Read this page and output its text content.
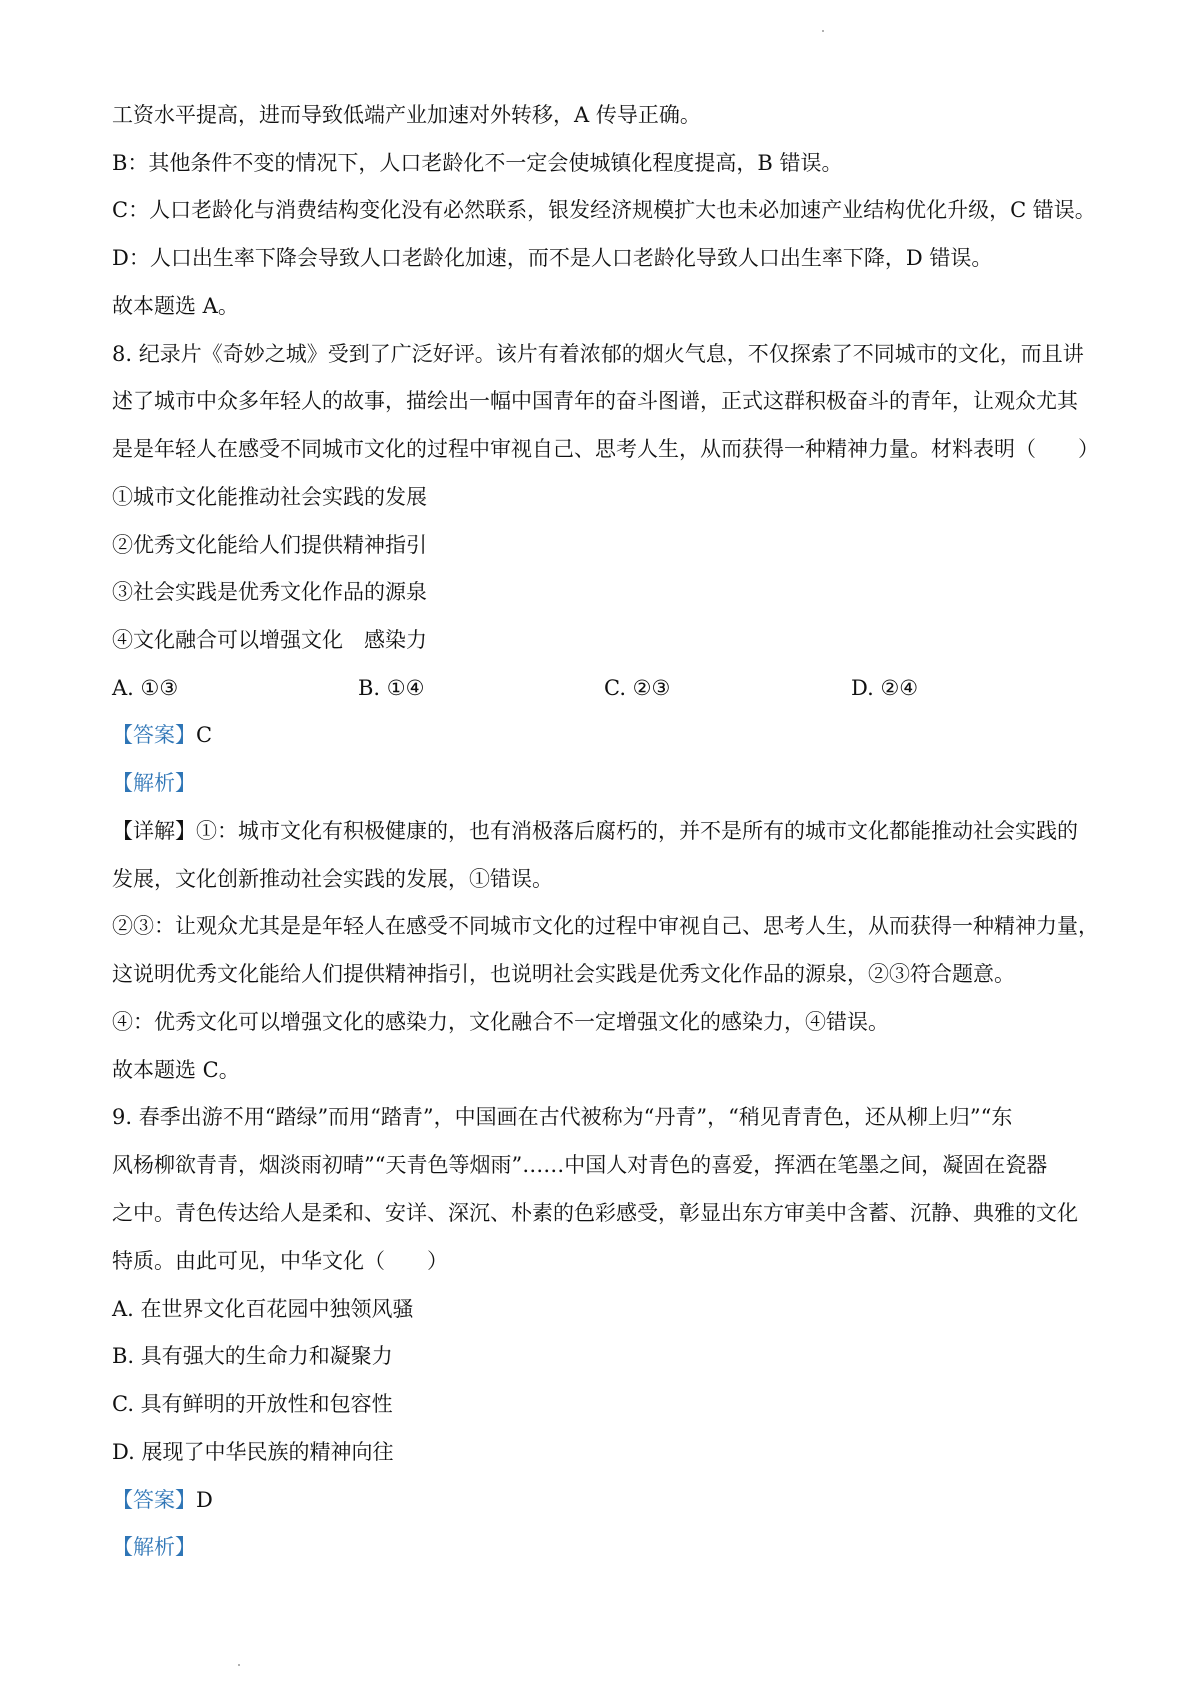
工资水平提高，进而导致低端产业加速对外转移，A 传导正确。
B：其他条件不变的情况下，人口老龄化不一定会使城镇化程度提高，B 错误。
C：人口老龄化与消费结构变化没有必然联系，银发经济规模扩大也未必加速产业结构优化升级，C 错误。
D：人口出生率下降会导致人口老龄化加速，而不是人口老龄化导致人口出生率下降，D 错误。
故本题选 A。
8. 纪录片《奇妙之城》受到了广泛好评。该片有着浓郁的烟火气息，不仅探索了不同城市的文化，而且讲
述了城市中众多年轻人的故事，描绘出一幅中国青年的奋斗图谱，正式这群积极奋斗的青年，让观众尤其
是是年轻人在感受不同城市文化的过程中审视自己、思考人生，从而获得一种精神力量。材料表明（　　）
①城市文化能推动社会实践的发展
②优秀文化能给人们提供精神指引
③社会实践是优秀文化作品的源泉
④文化融合可以增强文化　感染力
A. ①③	B. ①④	C. ②③	D. ②④
【答案】C
【解析】
【详解】①：城市文化有积极健康的，也有消极落后腐朽的，并不是所有的城市文化都能推动社会实践的
发展，文化创新推动社会实践的发展，①错误。
②③：让观众尤其是是年轻人在感受不同城市文化的过程中审视自己、思考人生，从而获得一种精神力量，
这说明优秀文化能给人们提供精神指引，也说明社会实践是优秀文化作品的源泉，②③符合题意。
④：优秀文化可以增强文化的感染力，文化融合不一定增强文化的感染力，④错误。
故本题选 C。
9. 春季出游不用“踏绿”而用“踏青”，中国画在古代被称为“丹青”，“稍见青青色，还从柳上归”“东
风杨柳欲青青，烟淡雨初晴”“天青色等烟雨”……中国人对青色的喜爱，挥洒在笔墨之间，凝固在瓷器
之中。青色传达给人是柔和、安详、深沉、朴素的色彩感受，彰显出东方审美中含蓄、沉静、典雅的文化
特质。由此可见，中华文化（　　）
A. 在世界文化百花园中独领风骚
B. 具有强大的生命力和凝聚力
C. 具有鲜明的开放性和包容性
D. 展现了中华民族的精神向往
【答案】D
【解析】
